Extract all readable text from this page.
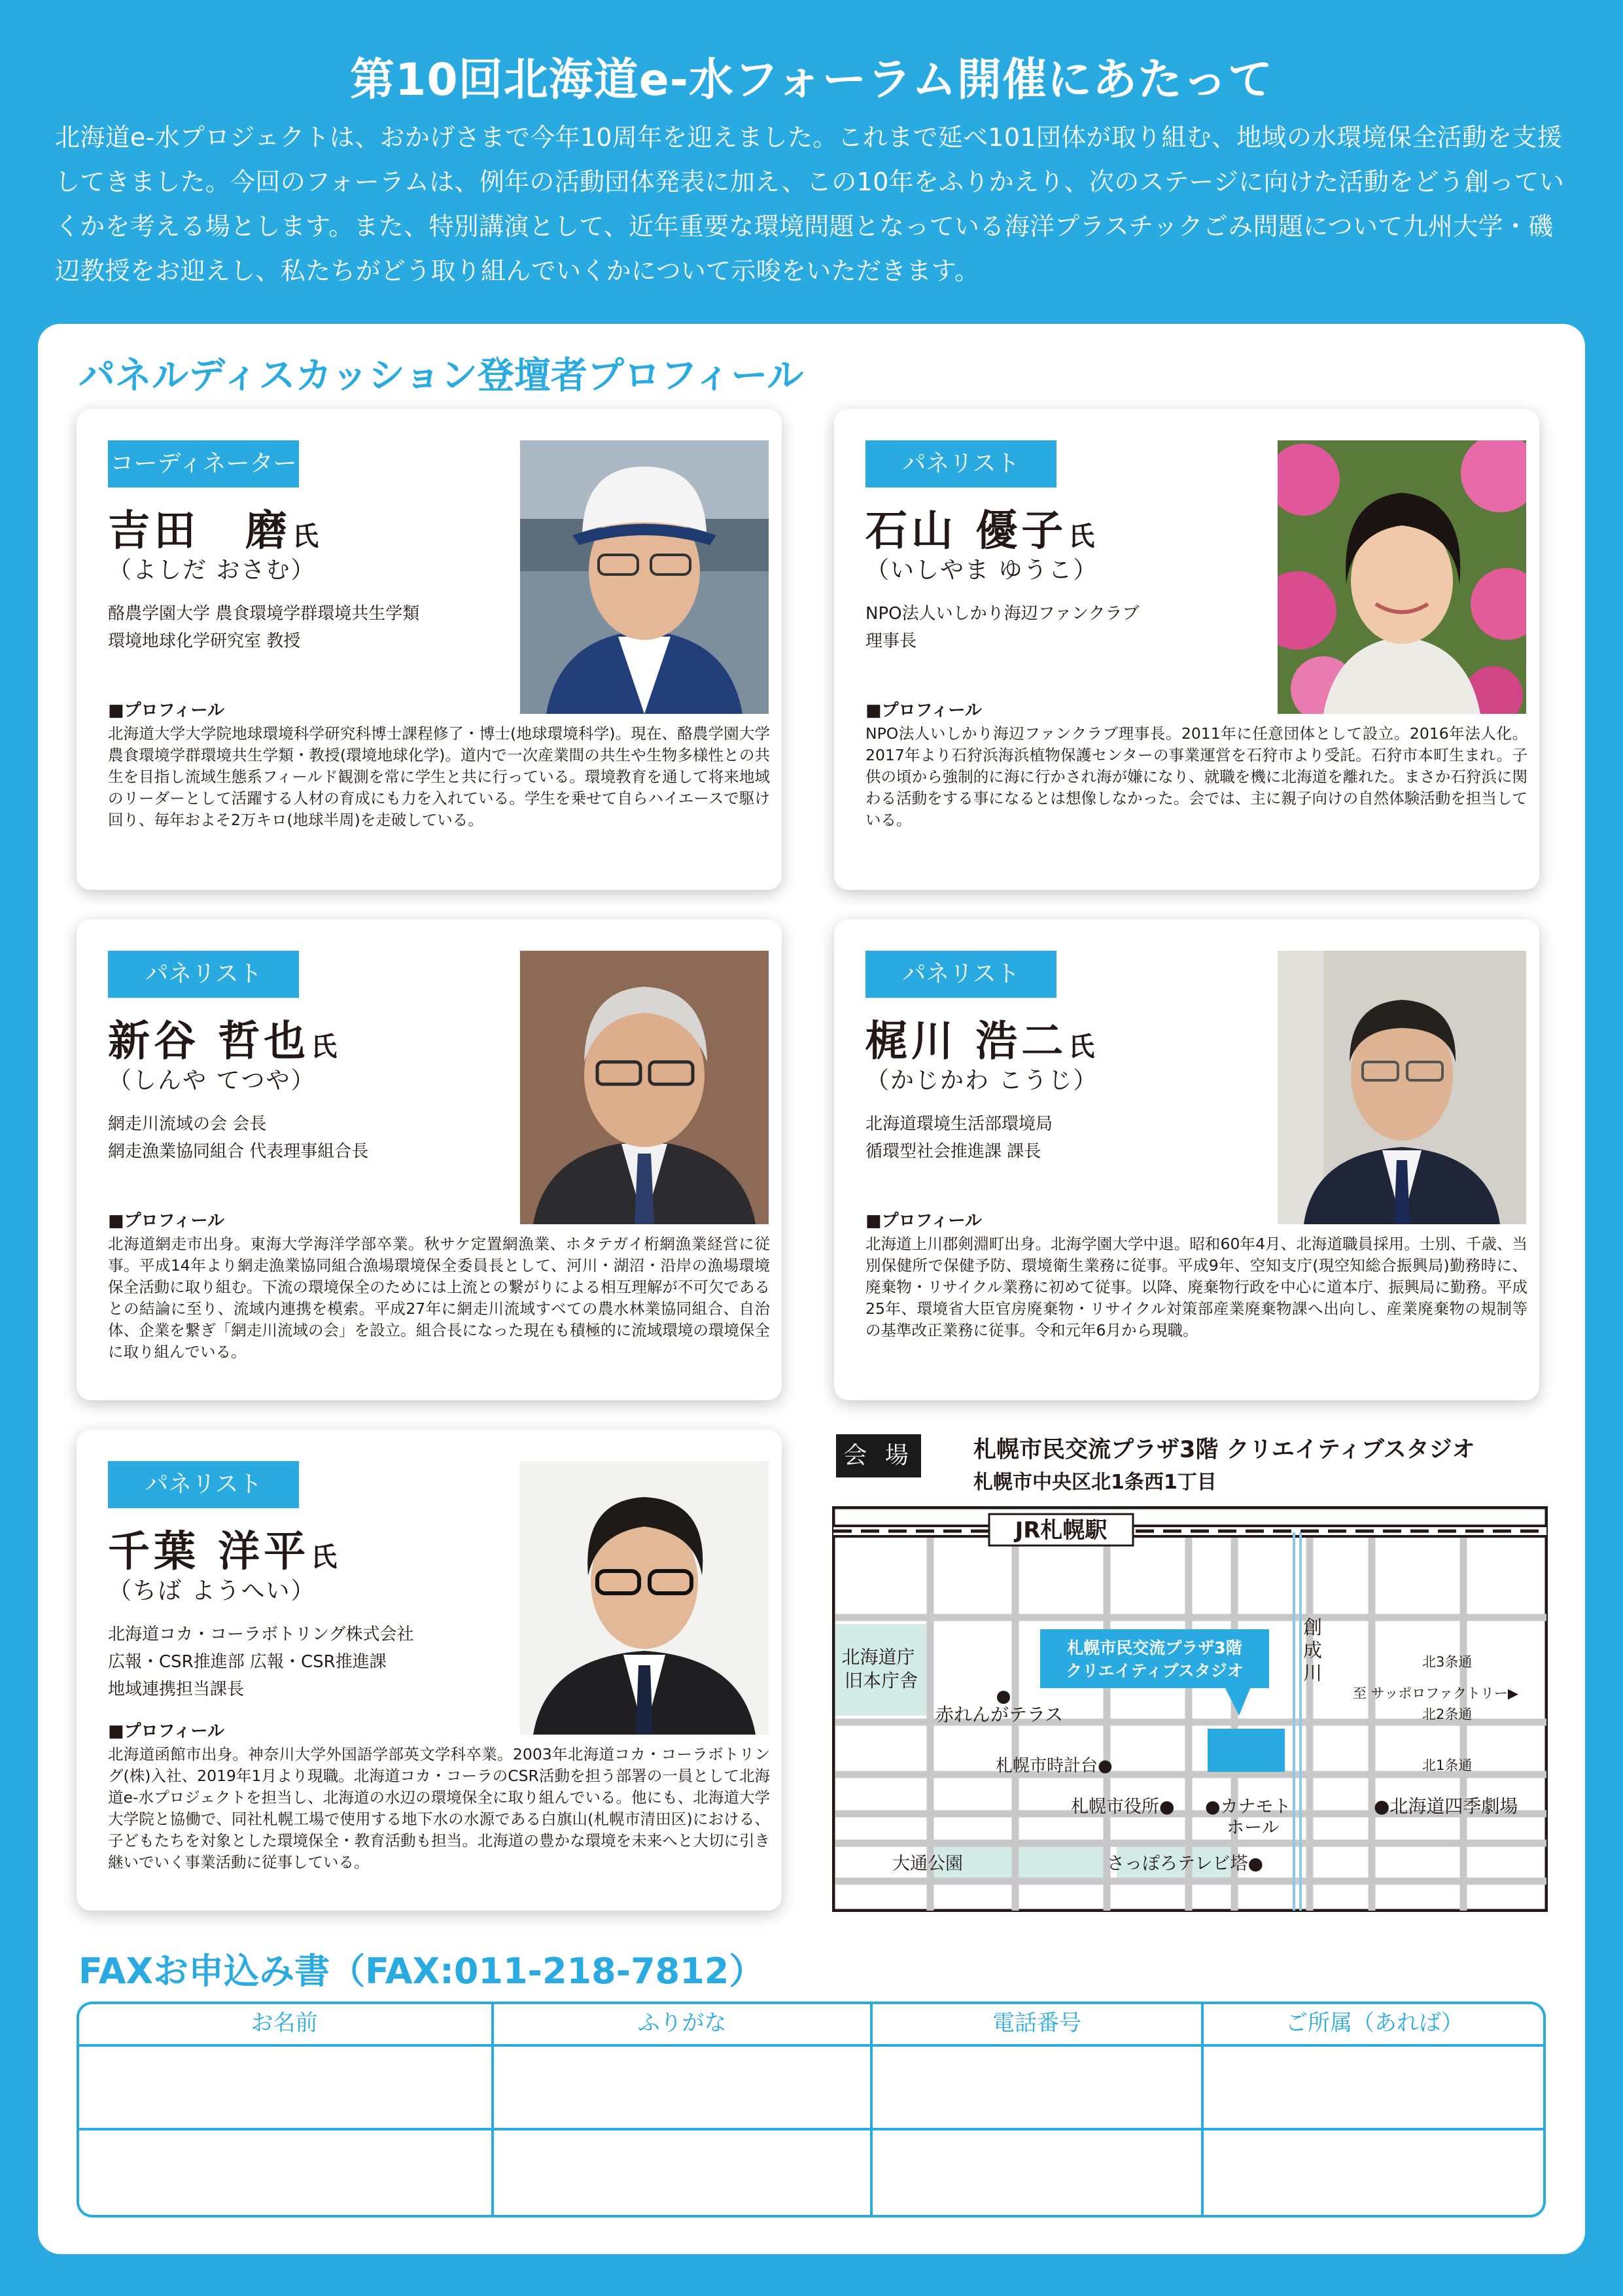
第10回北海道e-水フォーラム開催にあたって

北海道e-水プロジェクトは、おかげさまで今年10周年を迎えました。これまで延べ101団体が取り組む、地域の水環境保全活動を支援してきました。今回のフォーラムは、例年の活動団体発表に加え、この10年をふりかえり、次のステージに向けた活動をどう創っていくかを考える場とします。また、特別講演として、近年重要な環境問題となっている海洋プラスチックごみ問題について九州大学・磯辺教授をお迎えし、私たちがどう取り組んでいくかについて示唆をいただきます。

パネルディスカッション登壇者プロフィール
コーディネーター
吉田　磨氏
（よしだ おさむ）
酪農学園大学 農食環境学群環境共生学類
環境地球化学研究室 教授
■プロフィール

北海道大学大学院地球環境科学研究科博士課程修了・博士(地球環境科学)。現在、酪農学園大学農食環境学群環境共生学類・教授(環境地球化学)。道内で一次産業間の共生や生物多様性との共生を目指し流域生態系フィールド観測を常に学生と共に行っている。環境教育を通して将来地域のリーダーとして活躍する人材の育成にも力を入れている。学生を乗せて自らハイエースで駆け回り、毎年およそ2万キロ(地球半周)を走破している。

パネリスト
石山 優子氏
（いしやま ゆうこ）
NPO法人いしかり海辺ファンクラブ
理事長
■プロフィール

NPO法人いしかり海辺ファンクラブ理事長。2011年に任意団体として設立。2016年法人化。2017年より石狩浜海浜植物保護センターの事業運営を石狩市より受託。石狩市本町生まれ。子供の頃から強制的に海に行かされ海が嫌になり、就職を機に北海道を離れた。まさか石狩浜に関わる活動をする事になるとは想像しなかった。会では、主に親子向けの自然体験活動を担当している。

パネリスト
新谷 哲也氏
（しんや てつや）
網走川流域の会 会長
網走漁業協同組合 代表理事組合長
■プロフィール

北海道網走市出身。東海大学海洋学部卒業。秋サケ定置網漁業、ホタテガイ桁網漁業経営に従事。平成14年より網走漁業協同組合漁場環境保全委員長として、河川・湖沼・沿岸の漁場環境保全活動に取り組む。下流の環境保全のためには上流との繋がりによる相互理解が不可欠であるとの結論に至り、流域内連携を模索。平成27年に網走川流域すべての農水林業協同組合、自治体、企業を繋ぎ「網走川流域の会」を設立。組合長になった現在も積極的に流域環境の環境保全に取り組んでいる。

パネリスト
梶川 浩二氏
（かじかわ こうじ）
北海道環境生活部環境局
循環型社会推進課 課長
■プロフィール

北海道上川郡剣淵町出身。北海学園大学中退。昭和60年4月、北海道職員採用。士別、千歳、当別保健所で保健予防、環境衛生業務に従事。平成9年、空知支庁(現空知総合振興局)勤務時に、廃棄物・リサイクル業務に初めて従事。以降、廃棄物行政を中心に道本庁、振興局に勤務。平成25年、環境省大臣官房廃棄物・リサイクル対策部産業廃棄物課へ出向し、産業廃棄物の規制等の基準改正業務に従事。令和元年6月から現職。

パネリスト
千葉 洋平氏
（ちば ようへい）
北海道コカ・コーラボトリング株式会社
広報・CSR推進部 広報・CSR推進課
地域連携担当課長
■プロフィール

北海道函館市出身。神奈川大学外国語学部英文学科卒業。2003年北海道コカ・コーラボトリング(株)入社、2019年1月より現職。北海道コカ・コーラのCSR活動を担う部署の一員として北海道e-水プロジェクトを担当し、北海道の水辺の環境保全に取り組んでいる。他にも、北海道大学大学院と協働で、同社札幌工場で使用する地下水の水源である白旗山(札幌市清田区)における、子どもたちを対象とした環境保全・教育活動も担当。北海道の豊かな環境を未来へと大切に引き継いでいく事業活動に従事している。

会 場	札幌市民交流プラザ3階 クリエイティブスタジオ
札幌市中央区北1条西1丁目
JR札幌駅
創 成 川
札幌市民交流プラザ3階
クリエイティブスタジオ
北海道庁 旧本庁舎
赤れんがテラス
札幌市時計台●
札幌市役所● ●カナモト ホール
●北海道四季劇場
大通公園	さっぽろテレビ塔●
北3条通
至 サッポロファクトリー▶
北2条通
北1条通
FAXお申込み書（FAX:011-218-7812）
お名前	ふりがな	電話番号	ご所属（あれば）
